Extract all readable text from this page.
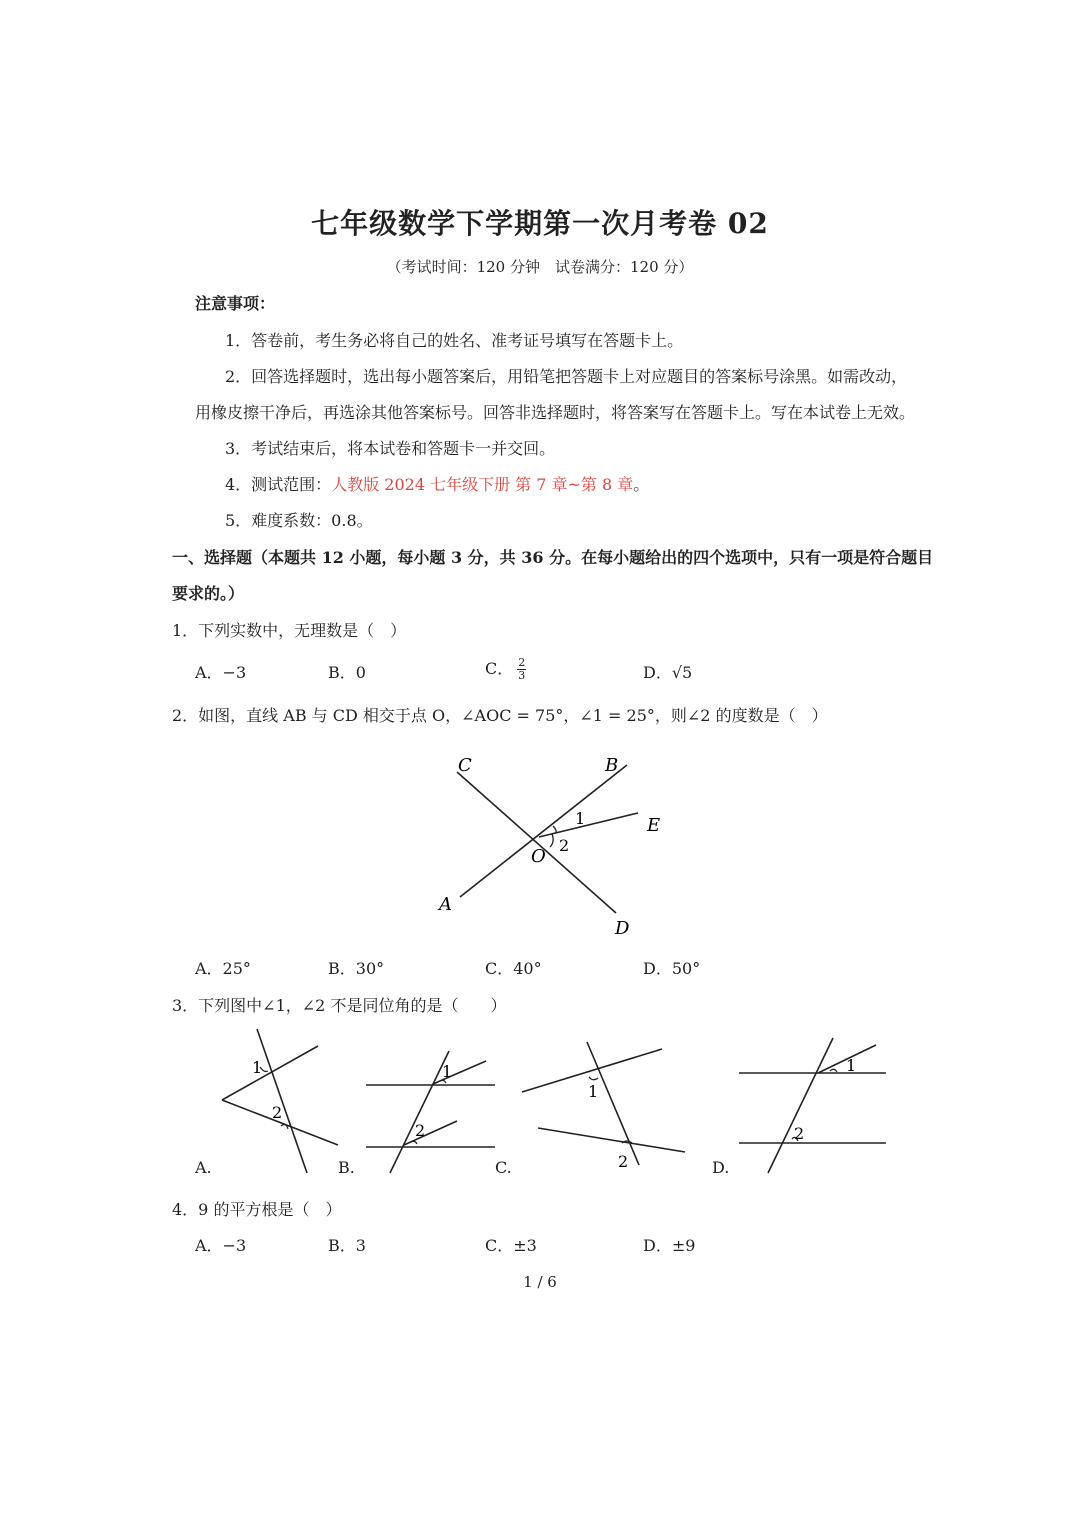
七年级数学下学期第一次月考卷 02
（考试时间：120 分钟　试卷满分：120 分）
注意事项：
1．答卷前，考生务必将自己的姓名、准考证号填写在答题卡上。
2．回答选择题时，选出每小题答案后，用铅笔把答题卡上对应题目的答案标号涂黑。如需改动，
用橡皮擦干净后，再选涂其他答案标号。回答非选择题时，将答案写在答题卡上。写在本试卷上无效。
3．考试结束后，将本试卷和答题卡一并交回。
4．测试范围：人教版 2024 七年级下册 第 7 章~第 8 章。
5．难度系数：0.8。
一、选择题（本题共 12 小题，每小题 3 分，共 36 分。在每小题给出的四个选项中，只有一项是符合题目
要求的。）
1．下列实数中，无理数是（　）
A．−3	B．0	C． $\frac{2}{3}$	D．√5
2．如图，直线 AB 与 CD 相交于点 O，∠AOC = 75°，∠1 = 25°，则∠2 的度数是（　）
C	B
E
1
2
O
A
D
A．25°	B．30°	C．40°	D．50°
3．下列图中∠1，∠2 不是同位角的是（　　）
1
2
1
2
1
2
1
2
A.	B.	C.	D.
4．9 的平方根是（　）
A．−3	B．3	C．±3	D．±9
1 / 6
